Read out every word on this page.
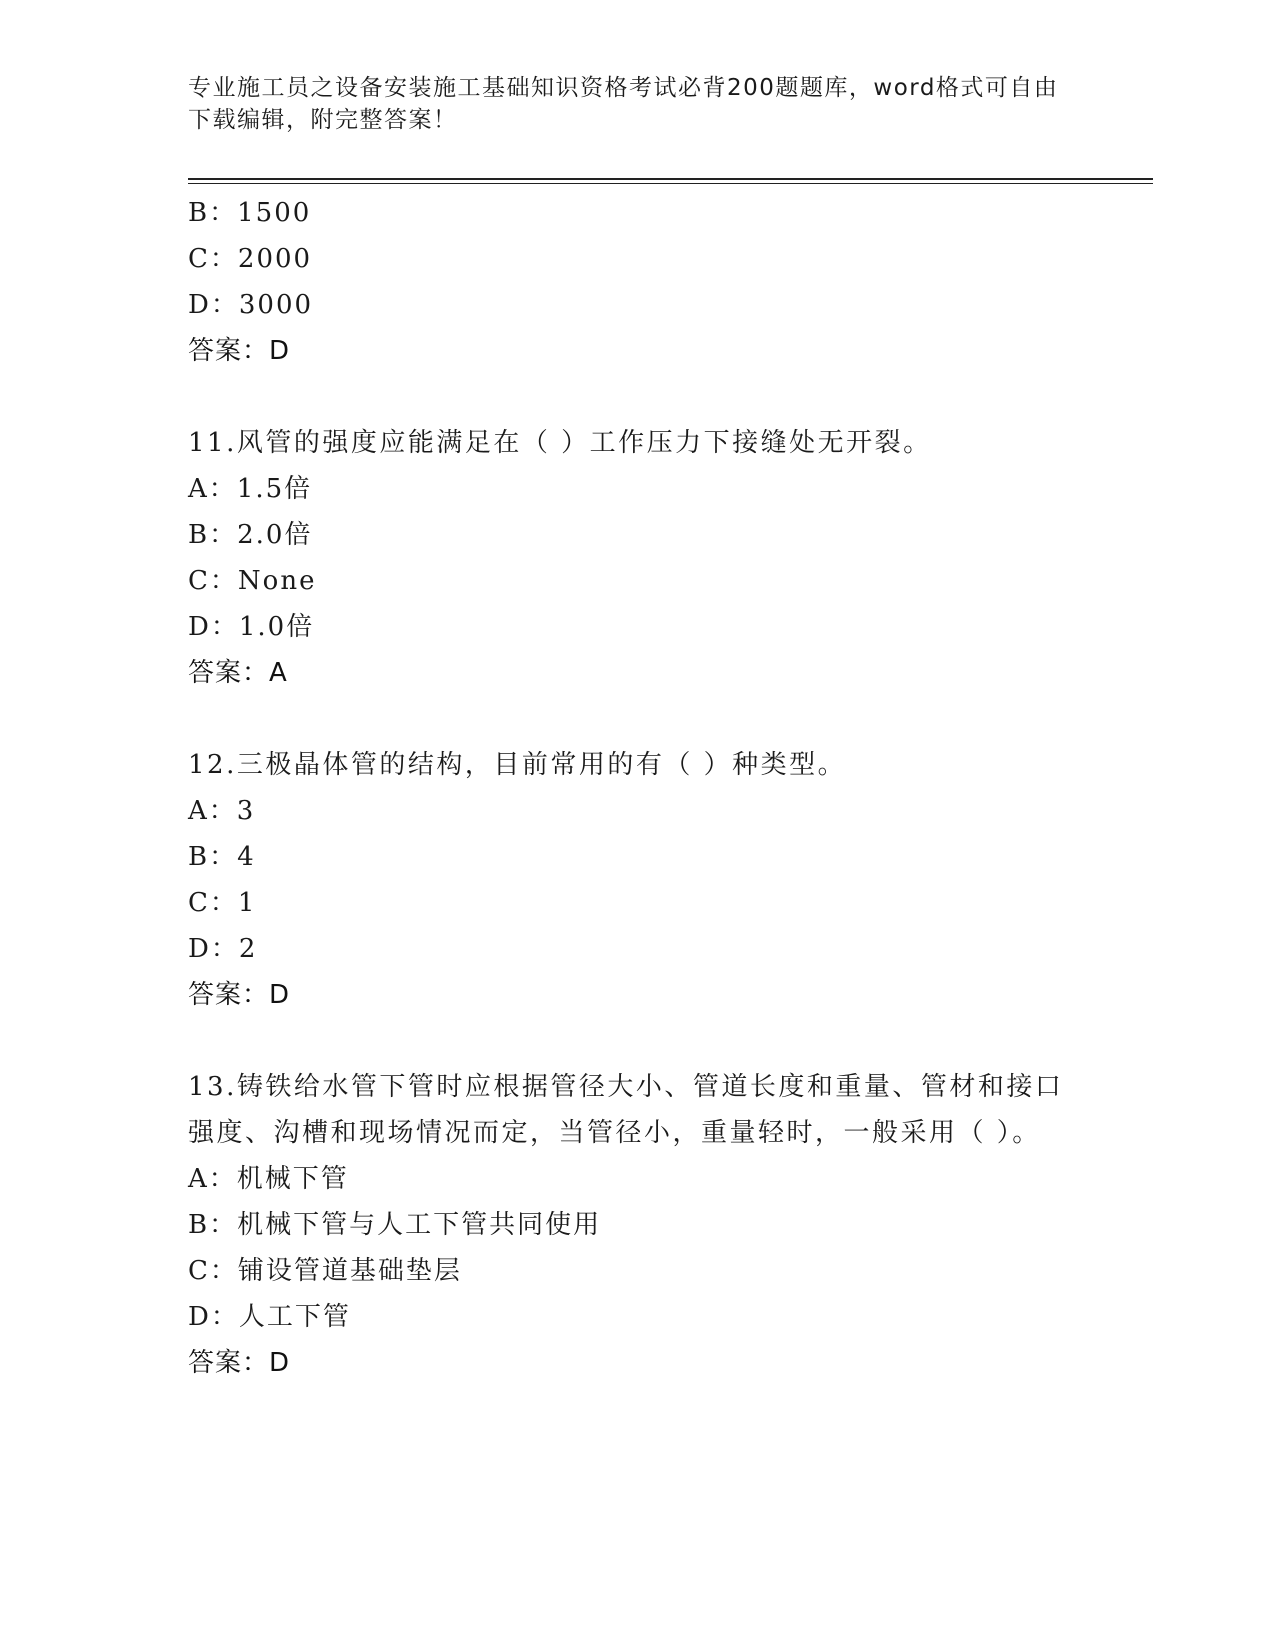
专业施工员之设备安装施工基础知识资格考试必背200题题库，word格式可自由
下载编辑，附完整答案！
B：1500
C：2000
D：3000
答案：D
11.风管的强度应能满足在（ ）工作压力下接缝处无开裂。
A：1.5倍
B：2.0倍
C：None
D：1.0倍
答案：A
12.三极晶体管的结构，目前常用的有（ ）种类型。
A：3
B：4
C：1
D：2
答案：D
13.铸铁给水管下管时应根据管径大小、管道长度和重量、管材和接口
强度、沟槽和现场情况而定，当管径小，重量轻时，一般采用（ ）。
A：机械下管
B：机械下管与人工下管共同使用
C：铺设管道基础垫层
D：人工下管
答案：D
